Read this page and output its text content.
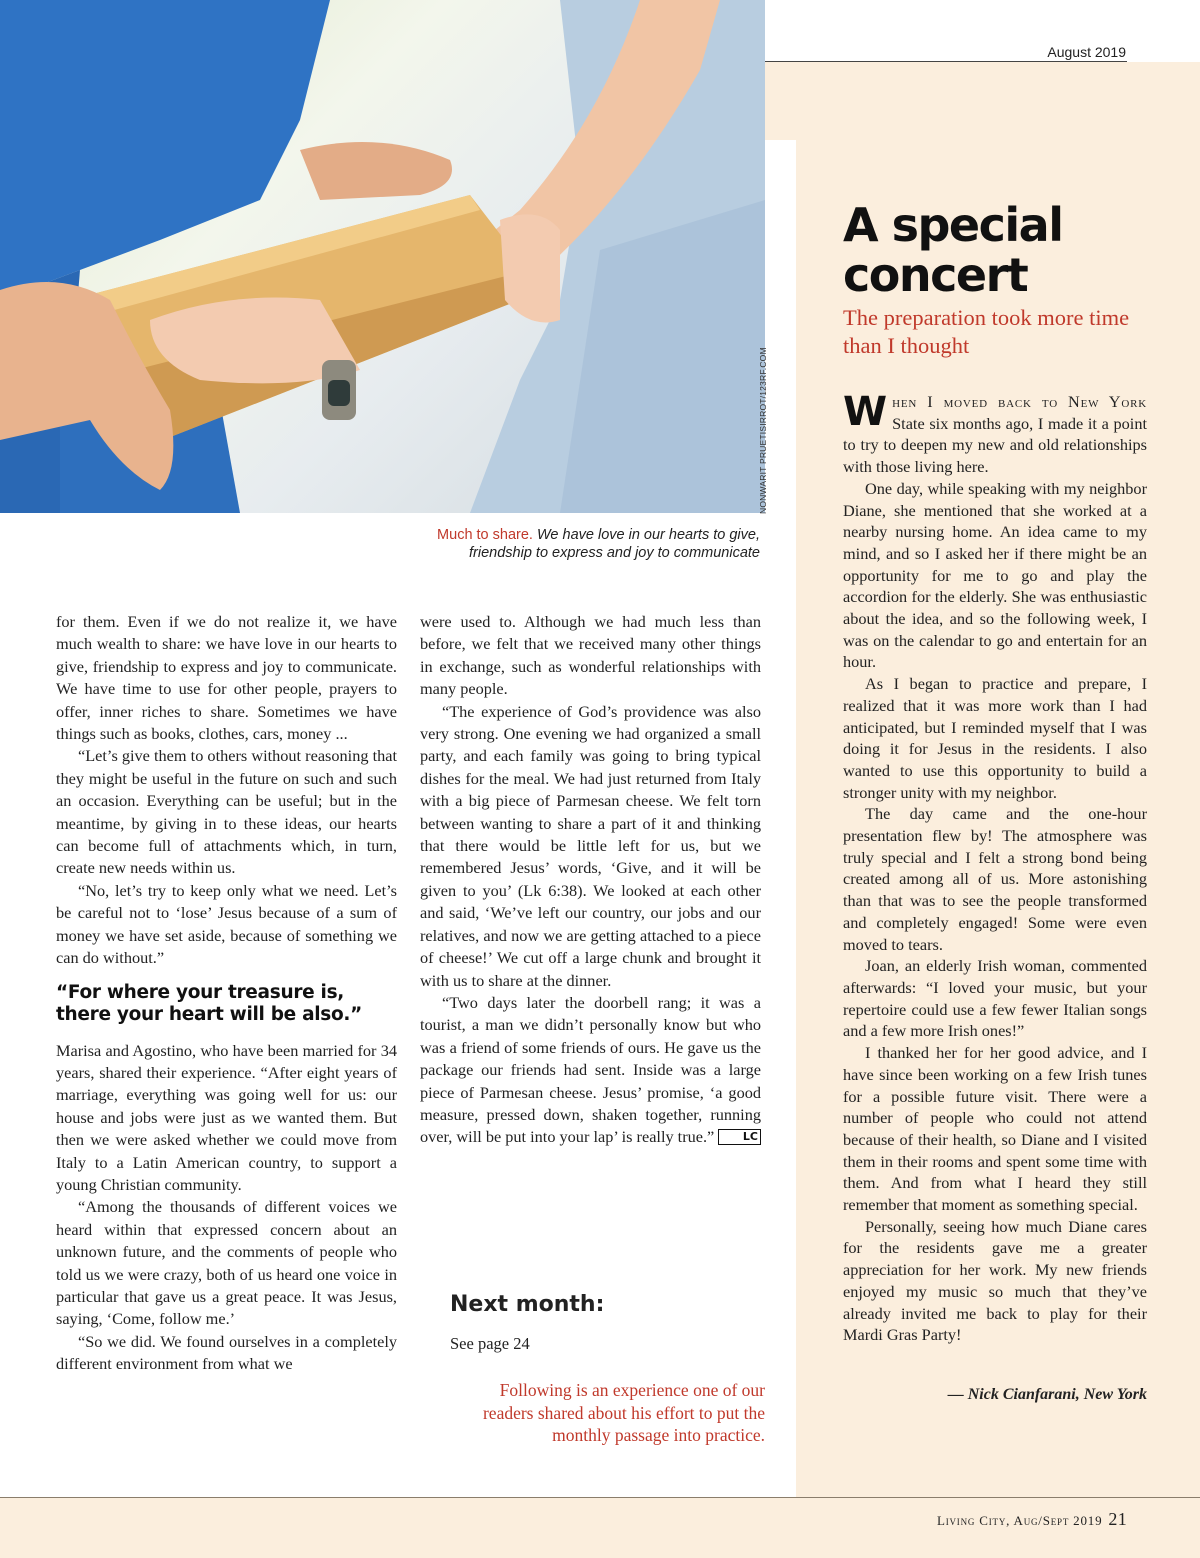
NONWARIT PRUETISIRROT/123RF.COM
Much to share. We have love in our hearts to give,
friendship to express and joy to communicate
August 2019
A special
concert
The preparation took more time than I thought

When I moved back to New York State six months ago, I made it a point to try to deepen my new and old relationships with those living here.

One day, while speaking with my neighbor Diane, she mentioned that she worked at a nearby nursing home. An idea came to my mind, and so I asked her if there might be an opportunity for me to go and play the accordion for the elderly. She was enthusiastic about the idea, and so the following week, I was on the calendar to go and entertain for an hour.

As I began to practice and prepare, I realized that it was more work than I had anticipated, but I reminded myself that I was doing it for Jesus in the residents. I also wanted to use this opportunity to build a stronger unity with my neighbor.

The day came and the one-hour presentation flew by! The atmosphere was truly special and I felt a strong bond being created among all of us. More astonishing than that was to see the people transformed and completely engaged! Some were even moved to tears.

Joan, an elderly Irish woman, commented afterwards: “I loved your music, but your repertoire could use a few fewer Italian songs and a few more Irish ones!”

I thanked her for her good advice, and I have since been working on a few Irish tunes for a possible future visit. There were a number of people who could not attend because of their health, so Diane and I visited them in their rooms and spent some time with them. And from what I heard they still remember that moment as something special.

Personally, seeing how much Diane cares for the residents gave me a greater appreciation for her work. My new friends enjoyed my music so much that they’ve already invited me back to play for their Mardi Gras Party!

— Nick Cianfarani, New York

for them. Even if we do not realize it, we have much wealth to share: we have love in our hearts to give, friendship to express and joy to communicate. We have time to use for other people, prayers to offer, inner riches to share. Sometimes we have things such as books, clothes, cars, money ...

“Let’s give them to others without reasoning that they might be useful in the future on such and such an occasion. Everything can be useful; but in the meantime, by giving in to these ideas, our hearts can become full of attachments which, in turn, create new needs within us.

“No, let’s try to keep only what we need. Let’s be careful not to ‘lose’ Jesus because of a sum of money we have set aside, because of something we can do without.”

“For where your treasure is, there your heart will be also.”

Marisa and Agostino, who have been married for 34 years, shared their experience. “After eight years of marriage, everything was going well for us: our house and jobs were just as we wanted them. But then we were asked whether we could move from Italy to a Latin American country, to support a young Christian community.

“Among the thousands of different voices we heard within that expressed concern about an unknown future, and the comments of people who told us we were crazy, both of us heard one voice in particular that gave us a great peace. It was Jesus, saying, ‘Come, follow me.’

“So we did. We found ourselves in a completely different environment from what we

were used to. Although we had much less than before, we felt that we received many other things in exchange, such as wonderful relationships with many people.

“The experience of God’s providence was also very strong. One evening we had organized a small party, and each family was going to bring typical dishes for the meal. We had just returned from Italy with a big piece of Parmesan cheese. We felt torn between wanting to share a part of it and thinking that there would be little left for us, but we remembered Jesus’ words, ‘Give, and it will be given to you’ (Lk 6:38). We looked at each other and said, ‘We’ve left our country, our jobs and our relatives, and now we are getting attached to a piece of cheese!’ We cut off a large chunk and brought it with us to share at the dinner.

“Two days later the doorbell rang; it was a tourist, a man we didn’t personally know but who was a friend of some friends of ours. He gave us the package our friends had sent. Inside was a large piece of Parmesan cheese. Jesus’ promise, ‘a good measure, pressed down, shaken together, running over, will be put into your lap’ is really true.”	LC

Next month:
See page 24
Following is an experience one of our readers shared about his effort to put the monthly passage into practice.
Living City, Aug/Sept 2019 21
